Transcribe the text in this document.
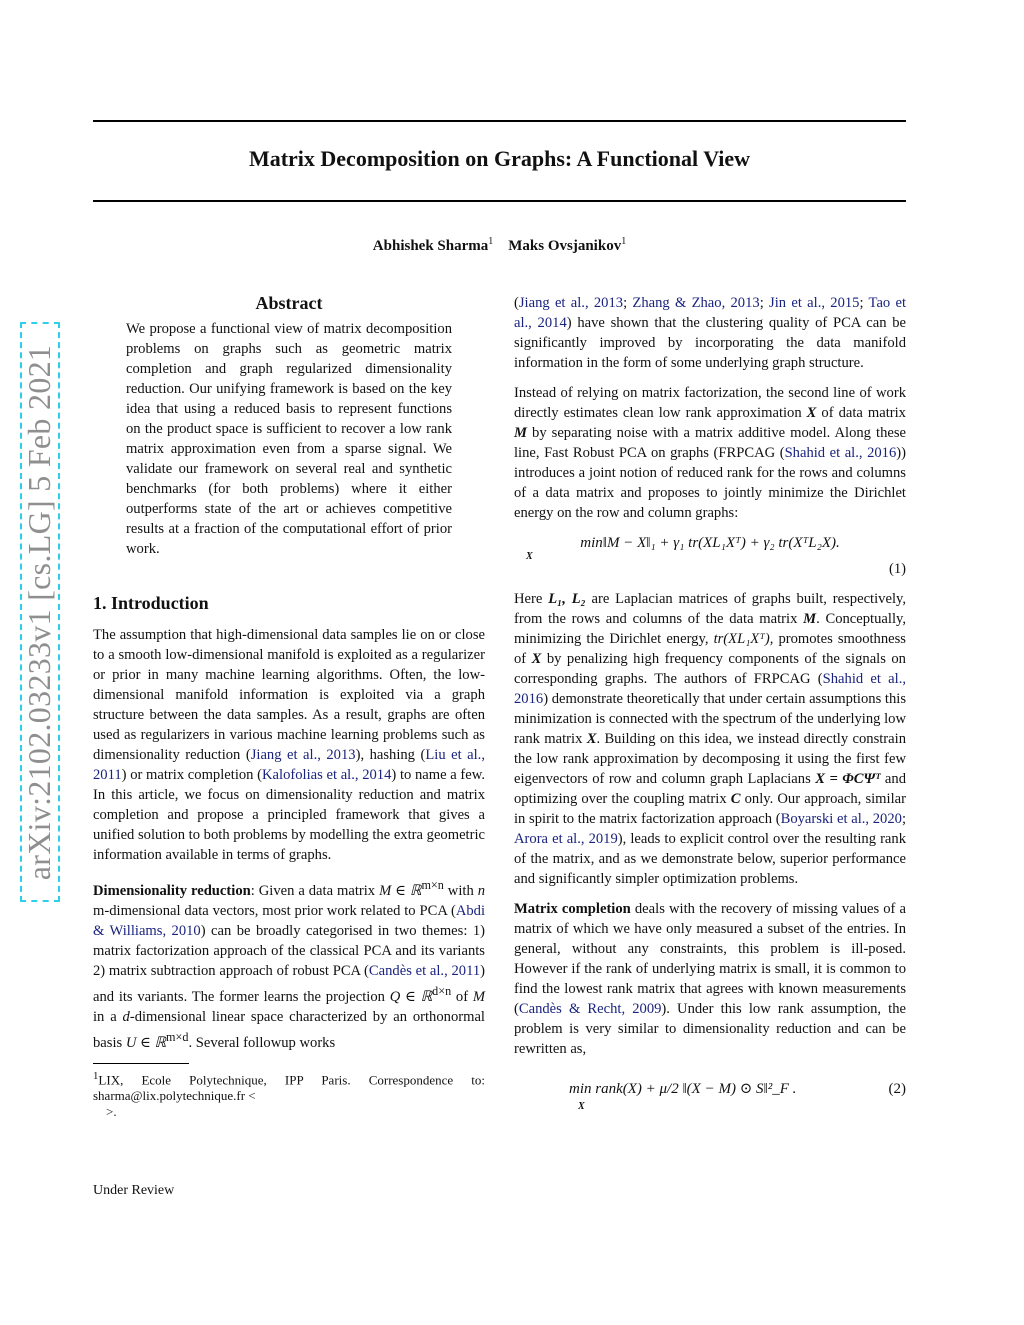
arXiv:2102.03233v1 [cs.LG] 5 Feb 2021
Matrix Decomposition on Graphs: A Functional View
Abhishek Sharma$^1$ Maks Ovsjanikov$^1$
Abstract

We propose a functional view of matrix decomposition problems on graphs such as geometric matrix completion and graph regularized dimensionality reduction. Our unifying framework is based on the key idea that using a reduced basis to represent functions on the product space is sufficient to recover a low rank matrix approximation even from a sparse signal. We validate our framework on several real and synthetic benchmarks (for both problems) where it either outperforms state of the art or achieves competitive results at a fraction of the computational effort of prior work.

1. Introduction

The assumption that high-dimensional data samples lie on or close to a smooth low-dimensional manifold is exploited as a regularizer or prior in many machine learning algorithms. Often, the low-dimensional manifold information is exploited via a graph structure between the data samples. As a result, graphs are often used as regularizers in various machine learning problems such as dimensionality reduction (Jiang et al., 2013), hashing (Liu et al., 2011) or matrix completion (Kalofolias et al., 2014) to name a few. In this article, we focus on dimensionality reduction and matrix completion and propose a principled framework that gives a unified solution to both problems by modelling the extra geometric information available in terms of graphs.

Dimensionality reduction: Given a data matrix M ∈ ℝ$^{m\times n}$ with n m-dimensional data vectors, most prior work related to PCA (Abdi & Williams, 2010) can be broadly categorised in two themes: 1) matrix factorization approach of the classical PCA and its variants 2) matrix subtraction approach of robust PCA (Candès et al., 2011) and its variants. The former learns the projection Q ∈ ℝ$^{d\times n}$ of M in a d-dimensional linear space characterized by an orthonormal basis U ∈ ℝ$^{m\times d}$. Several followup works

$^1$LIX, Ecole Polytechnique, IPP Paris. Correspondence to: sharma@lix.polytechnique.fr <
>.

(Jiang et al., 2013; Zhang & Zhao, 2013; Jin et al., 2015; Tao et al., 2014) have shown that the clustering quality of PCA can be significantly improved by incorporating the data manifold information in the form of some underlying graph structure.

Instead of relying on matrix factorization, the second line of work directly estimates clean low rank approximation X of data matrix M by separating noise with a matrix additive model. Along these line, Fast Robust PCA on graphs (FRPCAG (Shahid et al., 2016)) introduces a joint notion of reduced rank for the rows and columns of a data matrix and proposes to jointly minimize the Dirichlet energy on the row and column graphs:

min‖M − X‖₁ + γ₁ tr(XL₁Xᵀ) + γ₂ tr(XᵀL₂X).
X
(1)

Here L₁, L₂ are Laplacian matrices of graphs built, respectively, from the rows and columns of the data matrix M. Conceptually, minimizing the Dirichlet energy, tr(XL₁Xᵀ), promotes smoothness of X by penalizing high frequency components of the signals on corresponding graphs. The authors of FRPCAG (Shahid et al., 2016) demonstrate theoretically that under certain assumptions this minimization is connected with the spectrum of the underlying low rank matrix X. Building on this idea, we instead directly constrain the low rank approximation by decomposing it using the first few eigenvectors of row and column graph Laplacians X = ΦCΨᵀ and optimizing over the coupling matrix C only. Our approach, similar in spirit to the matrix factorization approach (Boyarski et al., 2020; Arora et al., 2019), leads to explicit control over the resulting rank of the matrix, and as we demonstrate below, superior performance and significantly simpler optimization problems.

Matrix completion deals with the recovery of missing values of a matrix of which we have only measured a subset of the entries. In general, without any constraints, this problem is ill-posed. However if the rank of underlying matrix is small, it is common to find the lowest rank matrix that agrees with known measurements (Candès & Recht, 2009). Under this low rank assumption, the problem is very similar to dimensionality reduction and can be rewritten as,

min rank(X) + μ/2 ‖(X − M) ⊙ S‖²_F .
X
(2)
Under Review
